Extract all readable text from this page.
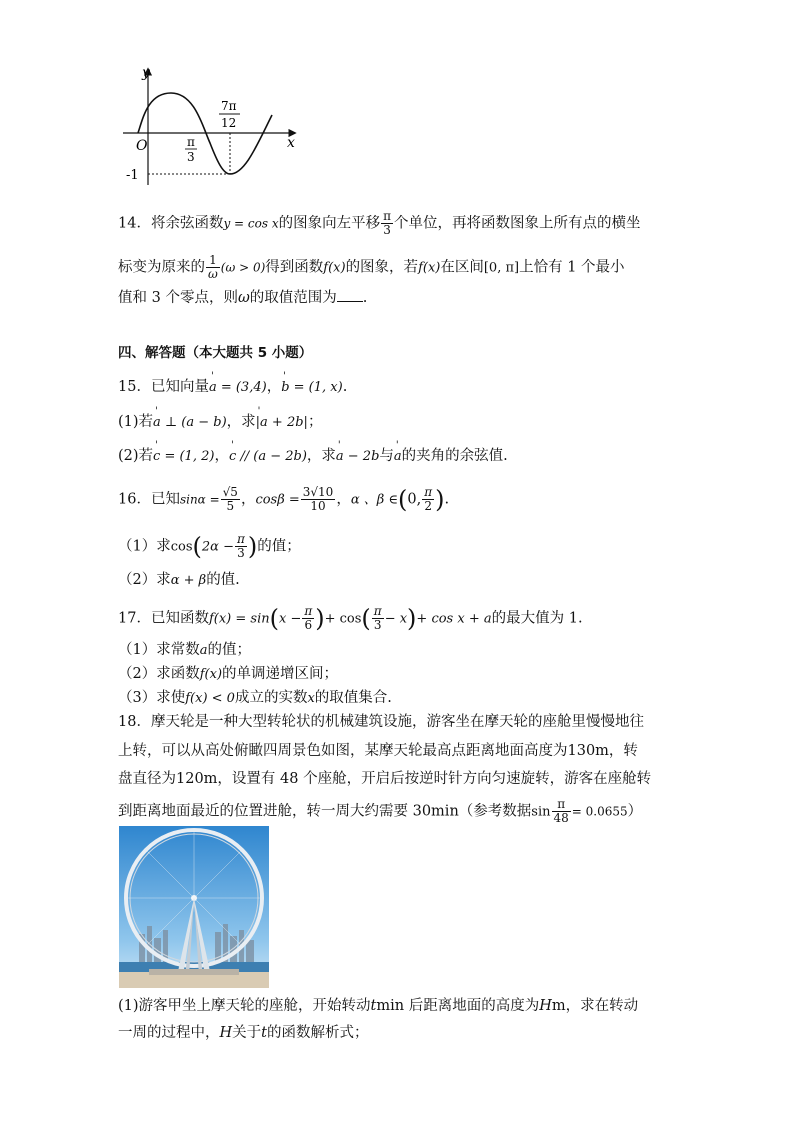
y
x
O	π
3
7π
12
-1
14．将余弦函数y = cos x的图象向左平移 $\frac{\pi}{3}$ 个单位，再将函数图象上所有点的横坐
标变为原来的 $\frac{1}{\omega} (\omega > 0)$得到函数f(x)的图象，若f(x)在区间[0, π]上恰有 1 个最小
值和 3 个零点，则ω的取值范围为 .
四、解答题（本大题共 5 小题）
15．已知向量' a = (3,4)，' b = (1, x).
(1)若' a ⊥ (a − b)，求' |a + 2b|；
(2)若' c = (1, 2)，' c // (a − 2b)，求' a − 2b与' a的夹角的余弦值.
16．已知$\sin\alpha = \frac{√5}{5}$ ，$\cos\beta = \frac{3√10}{10}$ ，α 、β ∈(0, $\frac{\pi}{2}$ ).
（1）求$\cos(2\alpha - \frac{\pi}{3}$ )的值；
（2）求α + β的值.
17．已知函数$f(x) = \sin(x - \frac{\pi}{6}$ )+ $\cos( \frac{\pi}{3} - x)+ \cos x + a$的最大值为 1.
（1）求常数a的值；
（2）求函数f(x)的单调递增区间；
（3）求使f(x) < 0成立的实数x的取值集合.
18．摩天轮是一种大型转轮状的机械建筑设施，游客坐在摩天轮的座舱里慢慢地往
上转，可以从高处俯瞰四周景色如图，某摩天轮最高点距离地面高度为130m，转
盘直径为120m，设置有 48 个座舱，开启后按逆时针方向匀速旋转，游客在座舱转
到距离地面最近的位置进舱，转一周大约需要 30min（参考数据$\sin \frac{\pi}{48} = 0.0655$）
(1)游客甲坐上摩天轮的座舱，开始转动tmin 后距离地面的高度为Hm，求在转动
一周的过程中，H关于t的函数解析式；
